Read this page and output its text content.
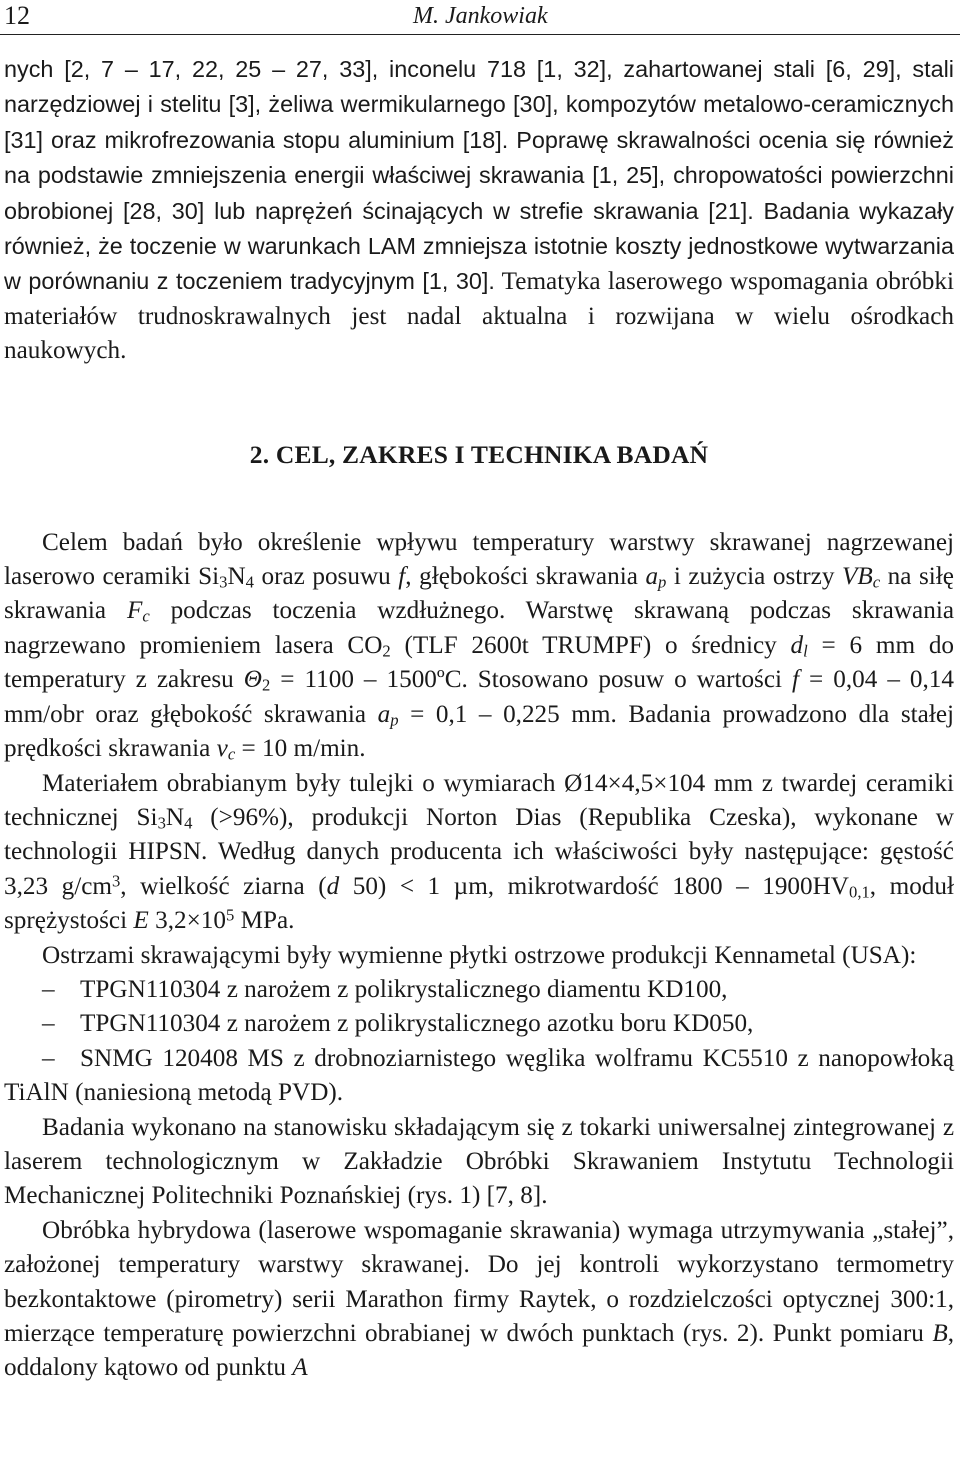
12	M. Jankowiak

nych [2, 7 – 17, 22, 25 – 27, 33], inconelu 718 [1, 32], zahartowanej stali [6, 29], stali narzędziowej i stelitu [3], żeliwa wermikularnego [30], kompozytów metalowo-ceramicznych [31] oraz mikrofrezowania stopu aluminium [18]. Poprawę skrawalności ocenia się również na podstawie zmniejszenia energii właściwej skrawania [1, 25], chropowatości powierzchni obrobionej [28, 30] lub naprężeń ścinających w strefie skrawania [21]. Badania wykazały również, że toczenie w warunkach LAM zmniejsza istotnie koszty jednostkowe wytwarzania w porównaniu z toczeniem tradycyjnym [1, 30]. Tematyka laserowego wspomagania obróbki materiałów trudnoskrawalnych jest nadal aktualna i rozwijana w wielu ośrodkach naukowych.

2. CEL, ZAKRES I TECHNIKA BADAŃ

Celem badań było określenie wpływu temperatury warstwy skrawanej nagrzewanej laserowo ceramiki $Si_3N_4$ oraz posuwu f, głębokości skrawania $a_p$ i zużycia ostrzy $VB_c$ na siłę skrawania $F_c$ podczas toczenia wzdłużnego. Warstwę skrawaną podczas skrawania nagrzewano promieniem lasera $CO_2$ (TLF 2600t TRUMPF) o średnicy $d_l = 6$ mm do temperatury z zakresu $\Theta_2 = 1100$ – 1500ºC. Stosowano posuw o wartości f = 0,04 – 0,14 mm/obr oraz głębokość skrawania $a_p = 0,1 - 0,225$ mm. Badania prowadzono dla stałej prędkości skrawania $v_c = 10$ m/min.

Materiałem obrabianym były tulejki o wymiarach Ø14×4,5×104 mm z twardej ceramiki technicznej $Si_3N_4$ (>96%), produkcji Norton Dias (Republika Czeska), wykonane w technologii HIPSN. Według danych producenta ich właściwości były następujące: gęstość 3,23 $g/cm^3$, wielkość ziarna (d 50) < 1 µm, mikrotwardość $1800 - 1900HV_{0,1}$, moduł sprężystości E $3,2\times 10^5$ MPa.

Ostrzami skrawającymi były wymienne płytki ostrzowe produkcji Kennametal (USA):

– TPGN110304 z narożem z polikrystalicznego diamentu KD100,
– TPGN110304 z narożem z polikrystalicznego azotku boru KD050,
– SNMG 120408 MS z drobnoziarnistego węglika wolframu KC5510 z nanopowłoką TiAlN (naniesioną metodą PVD).

Badania wykonano na stanowisku składającym się z tokarki uniwersalnej zintegrowanej z laserem technologicznym w Zakładzie Obróbki Skrawaniem Instytutu Technologii Mechanicznej Politechniki Poznańskiej (rys. 1) [7, 8].

Obróbka hybrydowa (laserowe wspomaganie skrawania) wymaga utrzymywania „stałej”, założonej temperatury warstwy skrawanej. Do jej kontroli wykorzystano termometry bezkontaktowe (pirometry) serii Marathon firmy Raytek, o rozdzielczości optycznej 300:1, mierzące temperaturę powierzchni obrabianej w dwóch punktach (rys. 2). Punkt pomiaru B, oddalony kątowo od punktu A
